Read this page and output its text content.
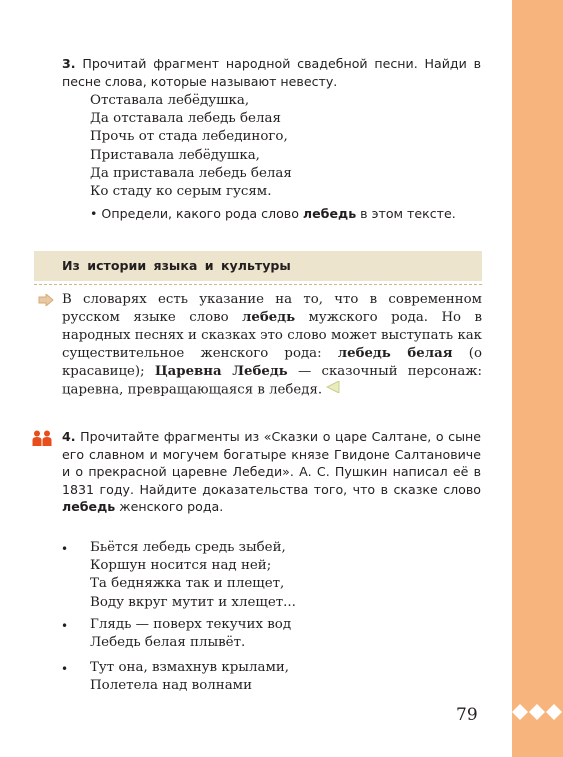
3. Прочитай фрагмент народной свадебной песни. Найди в песне слова, которые называют невесту.
Отставала лебёдушка,
Да отставала лебедь белая
Прочь от стада лебединого,
Приставала лебёдушка,
Да приставала лебедь белая
Ко стаду ко серым гусям.
• Определи, какого рода слово лебедь в этом тексте.
Из истории языка и культуры
В словарях есть указание на то, что в современном русском языке слово лебедь мужского рода. Но в народных песнях и сказках это слово может выступать как существительное женского рода: лебедь белая (о красавице); Царевна Лебедь — сказочный персонаж: царевна, превращающаяся в лебедя.
4. Прочитайте фрагменты из «Сказки о царе Салтане, о сыне его славном и могучем богатыре князе Гвидоне Салтановиче и о прекрасной царевне Лебеди». А. С. Пушкин написал её в 1831 году. Найдите доказательства того, что в сказке слово лебедь женского рода.
• Бьётся лебедь средь зыбей,
Коршун носится над ней;
Та бедняжка так и плещет,
Воду вкруг мутит и хлещет...
• Глядь — поверх текучих вод
Лебедь белая плывёт.
• Тут она, взмахнув крылами,
Полетела над волнами
79
